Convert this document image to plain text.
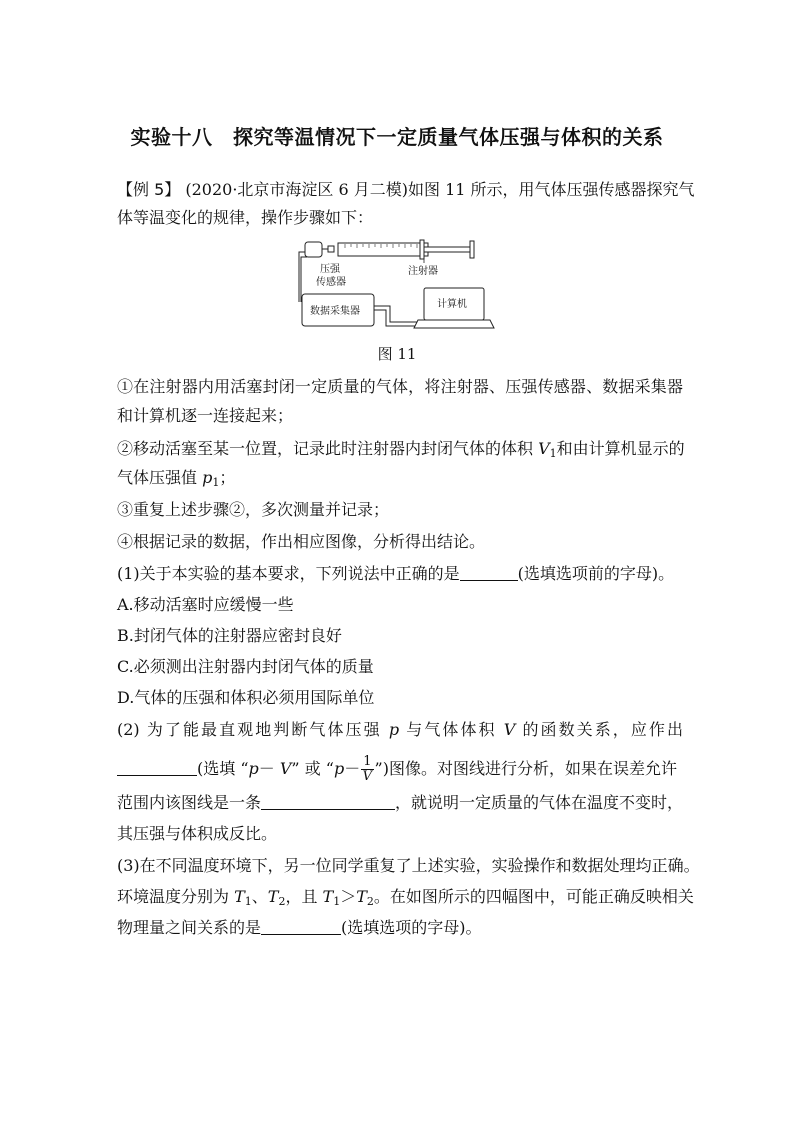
实验十八　探究等温情况下一定质量气体压强与体积的关系
【例 5】 (2020·北京市海淀区 6 月二模)如图 11 所示，用气体压强传感器探究气
体等温变化的规律，操作步骤如下：
压强
传感器
注射器
数据采集器
计算机
图 11
①在注射器内用活塞封闭一定质量的气体，将注射器、压强传感器、数据采集器
和计算机逐一连接起来；
②移动活塞至某一位置，记录此时注射器内封闭气体的体积 $V_1$和由计算机显示的
气体压强值 $p_1$；
③重复上述步骤②，多次测量并记录；
④根据记录的数据，作出相应图像，分析得出结论。
(1)关于本实验的基本要求，下列说法中正确的是	(选填选项前的字母)。
A.移动活塞时应缓慢一些
B.封闭气体的注射器应密封良好
C.必须测出注射器内封闭气体的质量
D.气体的压强和体积必须用国际单位
(2) 为了能最直观地判断气体压强 p 与气体体积 V 的函数关系，应作出
(选填 “p－ V” 或 “$p- \frac{1}{V}$ ”)图像。对图线进行分析，如果在误差允许
范围内该图线是一条	，就说明一定质量的气体在温度不变时，
其压强与体积成反比。
(3)在不同温度环境下，另一位同学重复了上述实验，实验操作和数据处理均正确。
环境温度分别为 $T_1$、$T_2$，且 $T_1>T_2$。在如图所示的四幅图中，可能正确反映相关
物理量之间关系的是	(选填选项的字母)。
